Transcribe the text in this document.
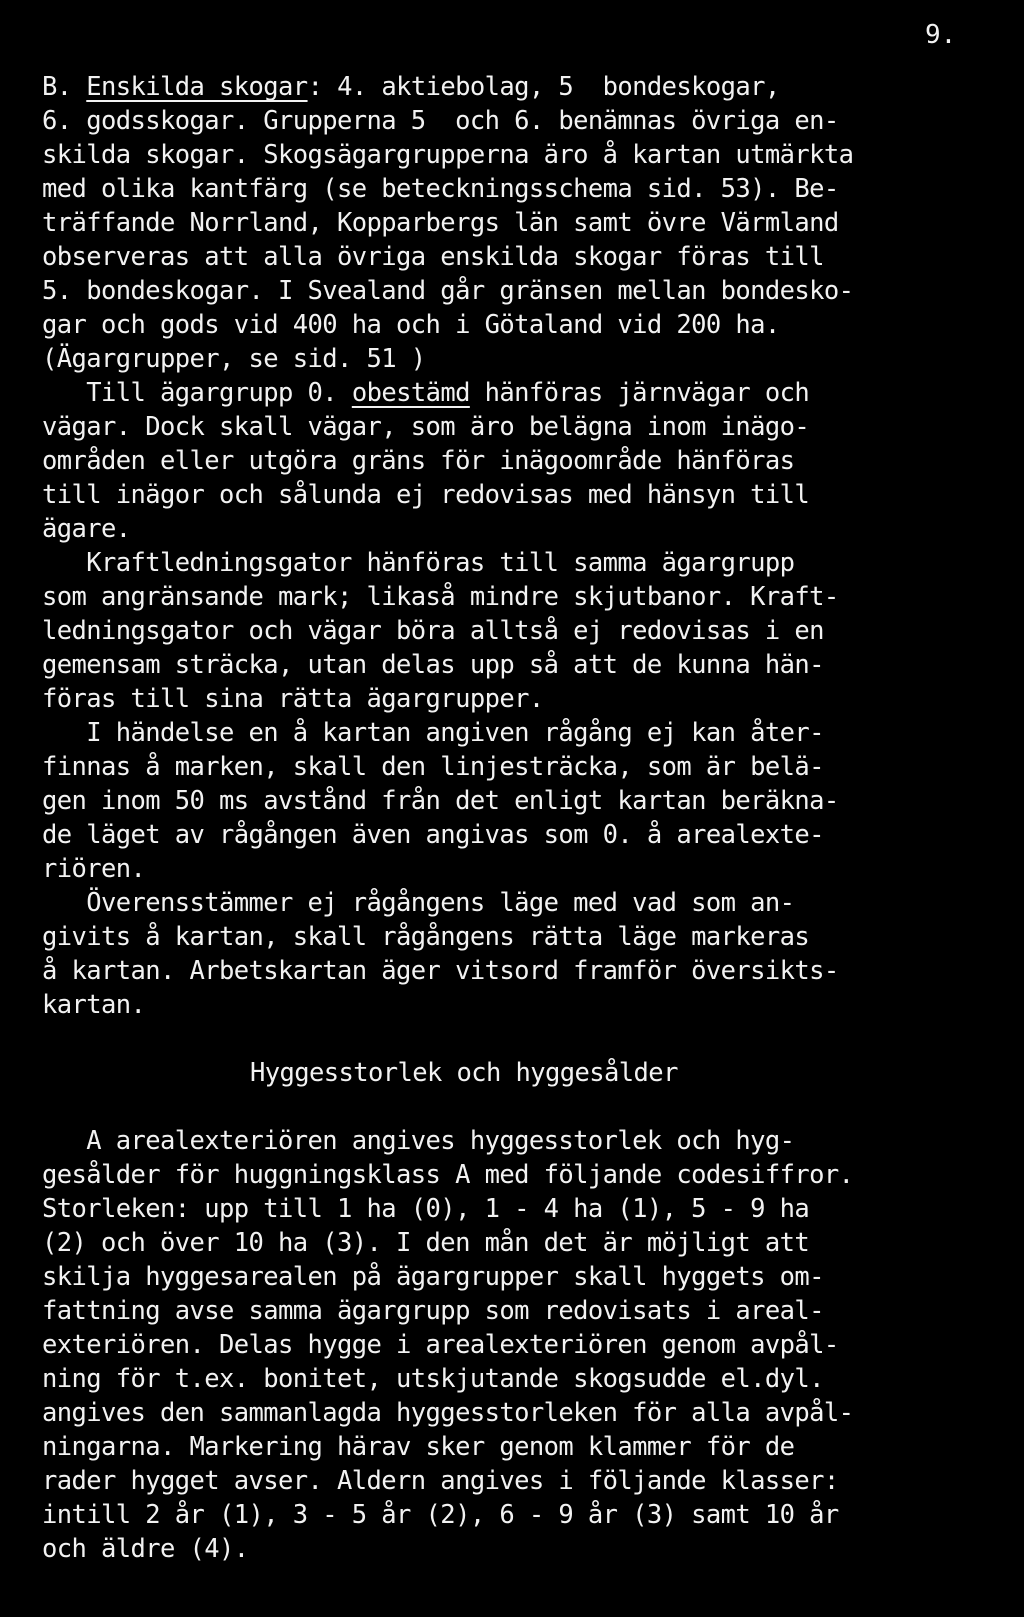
9.
B. Enskilda skogar: 4. aktiebolag, 5  bondeskogar,
6. godsskogar. Grupperna 5  och 6. benämnas övriga en-
skilda skogar. Skogsägargrupperna äro å kartan utmärkta
med olika kantfärg (se beteckningsschema sid. 53). Be-
träffande Norrland, Kopparbergs län samt övre Värmland
observeras att alla övriga enskilda skogar föras till
5. bondeskogar. I Svealand går gränsen mellan bondesko-
gar och gods vid 400 ha och i Götaland vid 200 ha.
(Ägargrupper, se sid. 51 )
Till ägargrupp 0. obestämd hänföras järnvägar och
vägar. Dock skall vägar, som äro belägna inom inägo-
områden eller utgöra gräns för inägoområde hänföras
till inägor och sålunda ej redovisas med hänsyn till
ägare.
Kraftledningsgator hänföras till samma ägargrupp
som angränsande mark; likaså mindre skjutbanor. Kraft-
ledningsgator och vägar böra alltså ej redovisas i en
gemensam sträcka, utan delas upp så att de kunna hän-
föras till sina rätta ägargrupper.
I händelse en å kartan angiven rågång ej kan åter-
finnas å marken, skall den linjesträcka, som är belä-
gen inom 50 ms avstånd från det enligt kartan beräkna-
de läget av rågången även angivas som 0. å arealexte-
riören.
Överensstämmer ej rågångens läge med vad som an-
givits å kartan, skall rågångens rätta läge markeras
å kartan. Arbetskartan äger vitsord framför översikts-
kartan.
Hyggesstorlek och hyggesålder
A arealexteriören angives hyggesstorlek och hyg-
gesålder för huggningsklass A med följande codesiffror.
Storleken: upp till 1 ha (0), 1 - 4 ha (1), 5 - 9 ha
(2) och över 10 ha (3). I den mån det är möjligt att
skilja hyggesarealen på ägargrupper skall hyggets om-
fattning avse samma ägargrupp som redovisats i areal-
exteriören. Delas hygge i arealexteriören genom avpål-
ning för t.ex. bonitet, utskjutande skogsudde el.dyl.
angives den sammanlagda hyggesstorleken för alla avpål-
ningarna. Markering härav sker genom klammer för de
rader hygget avser. Aldern angives i följande klasser:
intill 2 år (1), 3 - 5 år (2), 6 - 9 år (3) samt 10 år
och äldre (4).
